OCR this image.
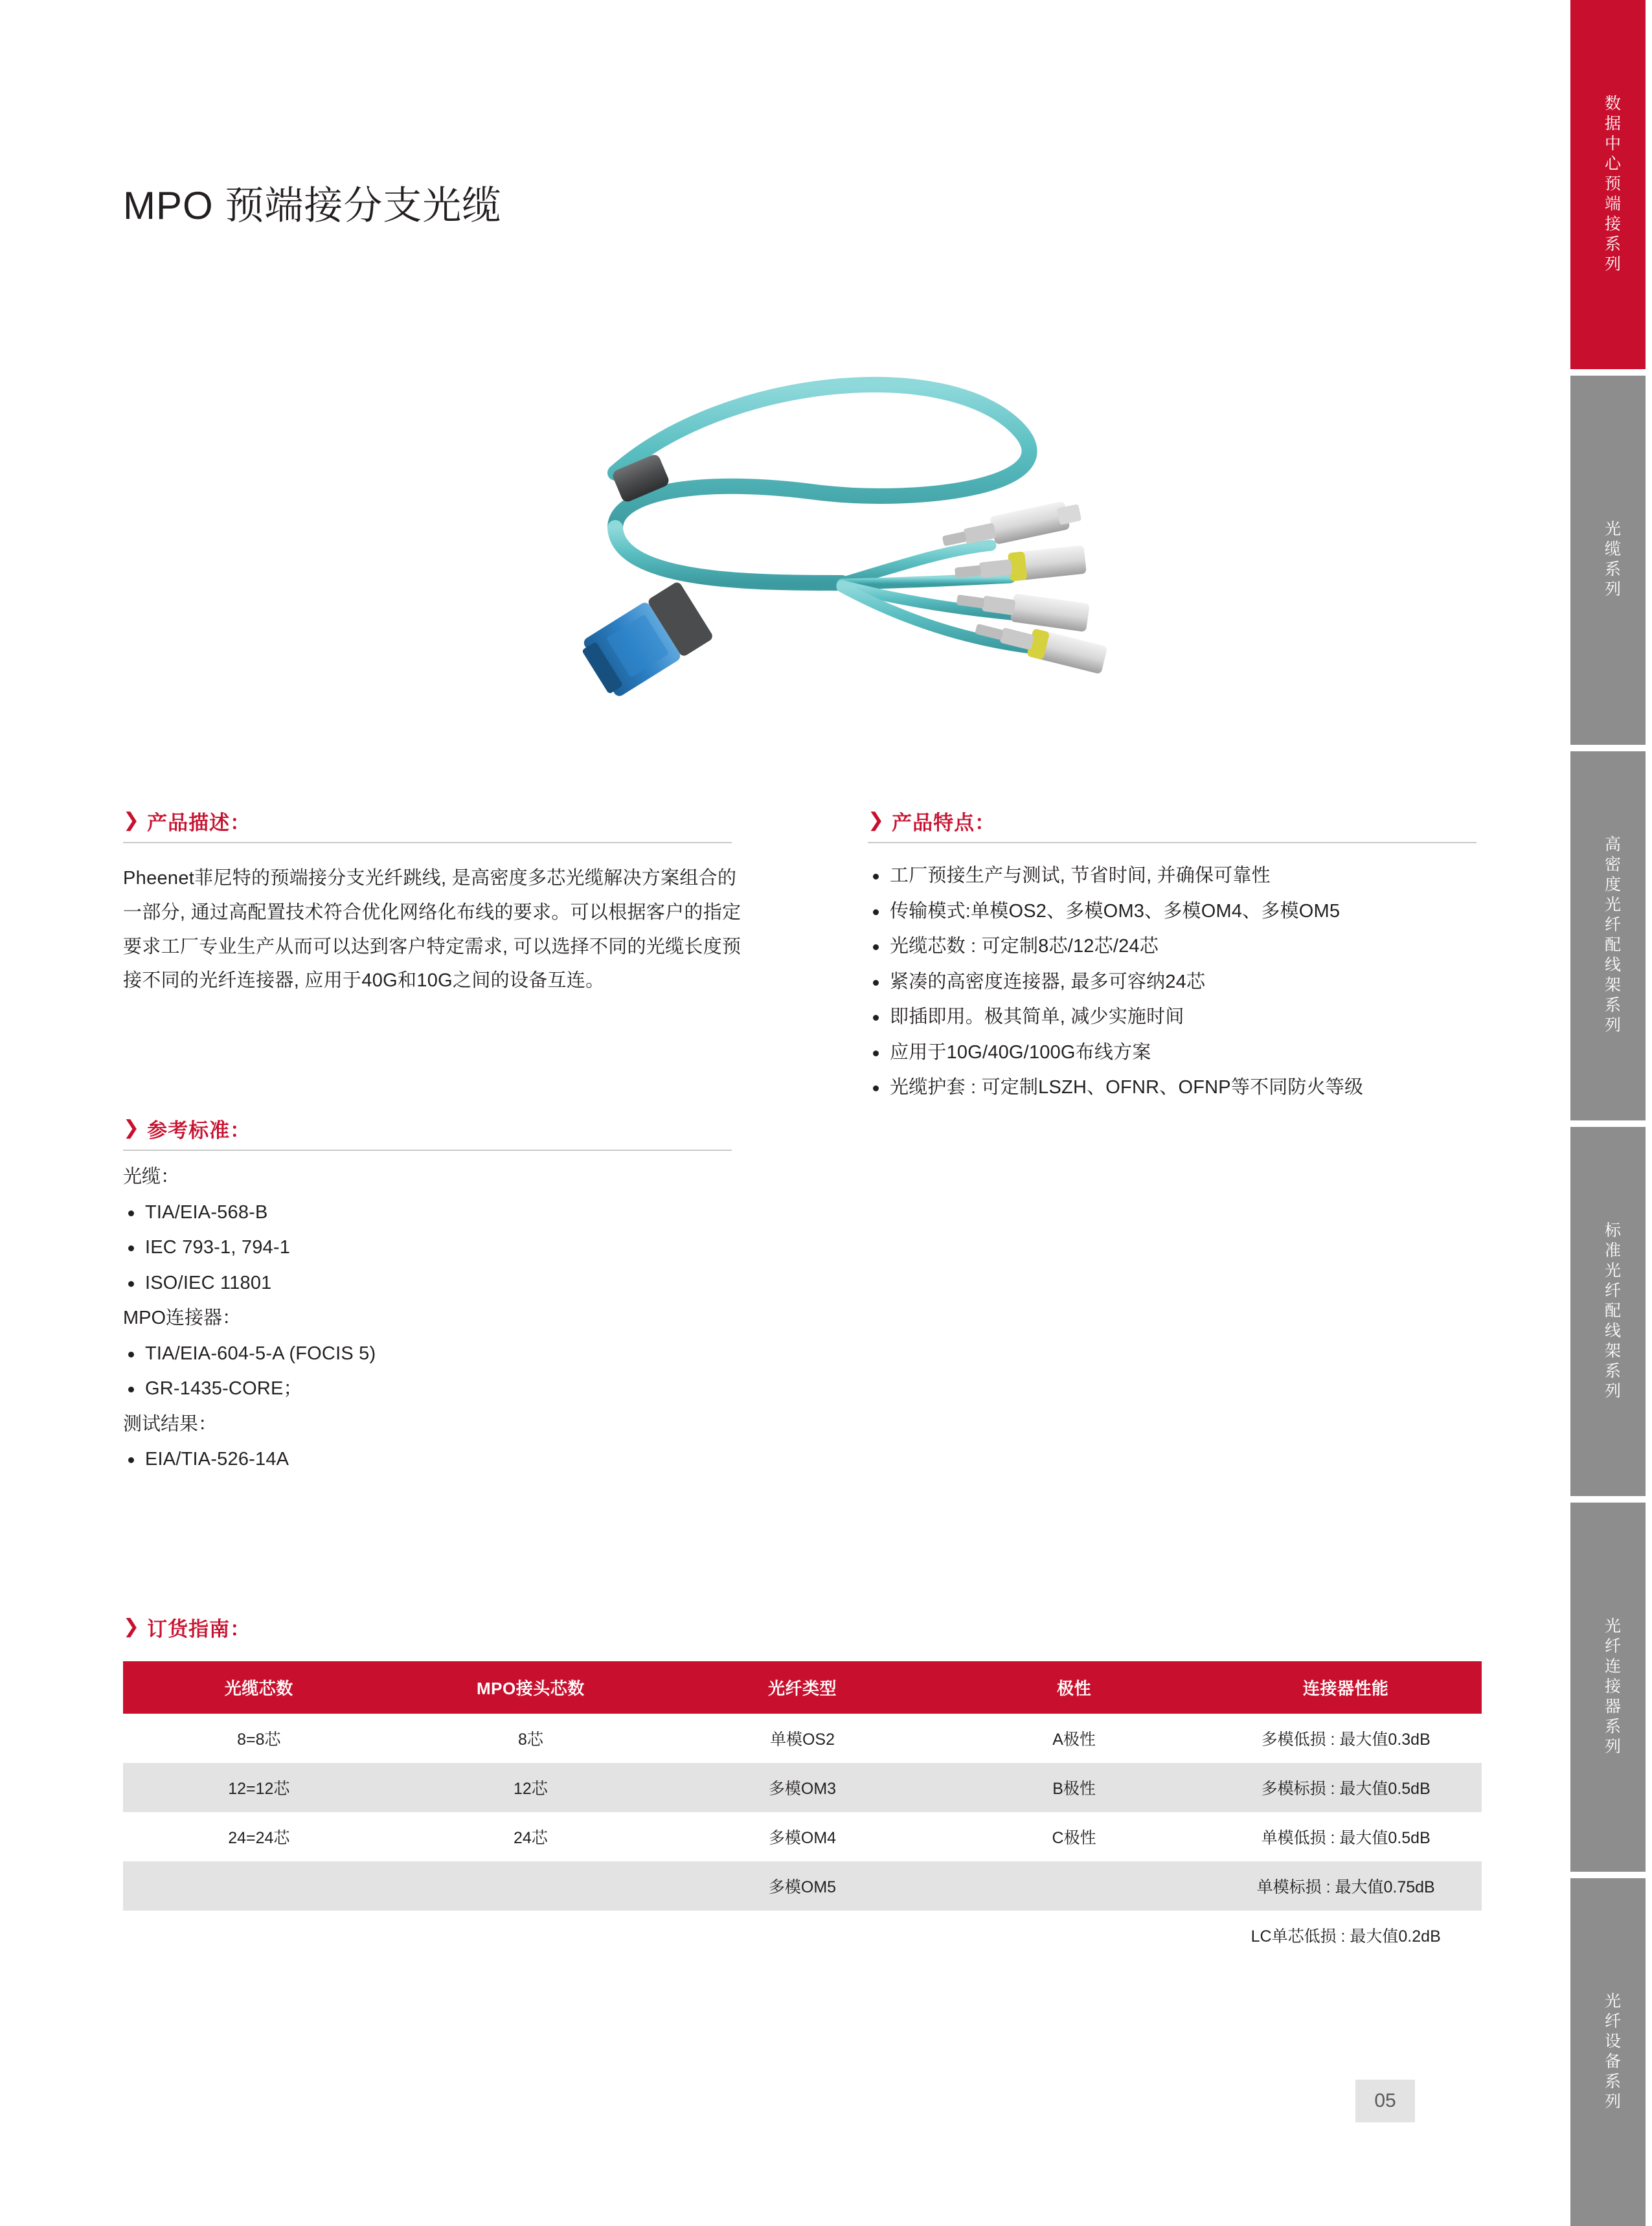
MPO 预端接分支光缆
❯ 产品描述：
Pheenet菲尼特的预端接分支光纤跳线, 是高密度多芯光缆解决方案组合的一部分, 通过高配置技术符合优化网络化布线的要求。可以根据客户的指定要求工厂专业生产从而可以达到客户特定需求, 可以选择不同的光缆长度预接不同的光纤连接器, 应用于40G和10G之间的设备互连。
❯ 产品特点：
工厂预接生产与测试, 节省时间, 并确保可靠性
传输模式:单模OS2、多模OM3、多模OM4、多模OM5
光缆芯数 : 可定制8芯/12芯/24芯
紧凑的高密度连接器, 最多可容纳24芯
即插即用。极其简单, 减少实施时间
应用于10G/40G/100G布线方案
光缆护套 : 可定制LSZH、OFNR、OFNP等不同防火等级
❯ 参考标准：
光缆：
TIA/EIA-568-B
IEC 793-1, 794-1
ISO/IEC 11801
MPO连接器：
TIA/EIA-604-5-A (FOCIS 5)
GR-1435-CORE；
测试结果：
EIA/TIA-526-14A
❯ 订货指南：
光缆芯数	MPO接头芯数	光纤类型	极性	连接器性能
8=8芯	8芯	单模OS2	A极性	多模低损 : 最大值0.3dB
12=12芯	12芯	多模OM3	B极性	多模标损 : 最大值0.5dB
24=24芯	24芯	多模OM4	C极性	单模低损 : 最大值0.5dB
		多模OM5		单模标损 : 最大值0.75dB
				LC单芯低损 : 最大值0.2dB
05
数据中心预端接系列
光缆系列
高密度光纤配线架系列
标准光纤配线架系列
光纤连接器系列
光纤设备系列
